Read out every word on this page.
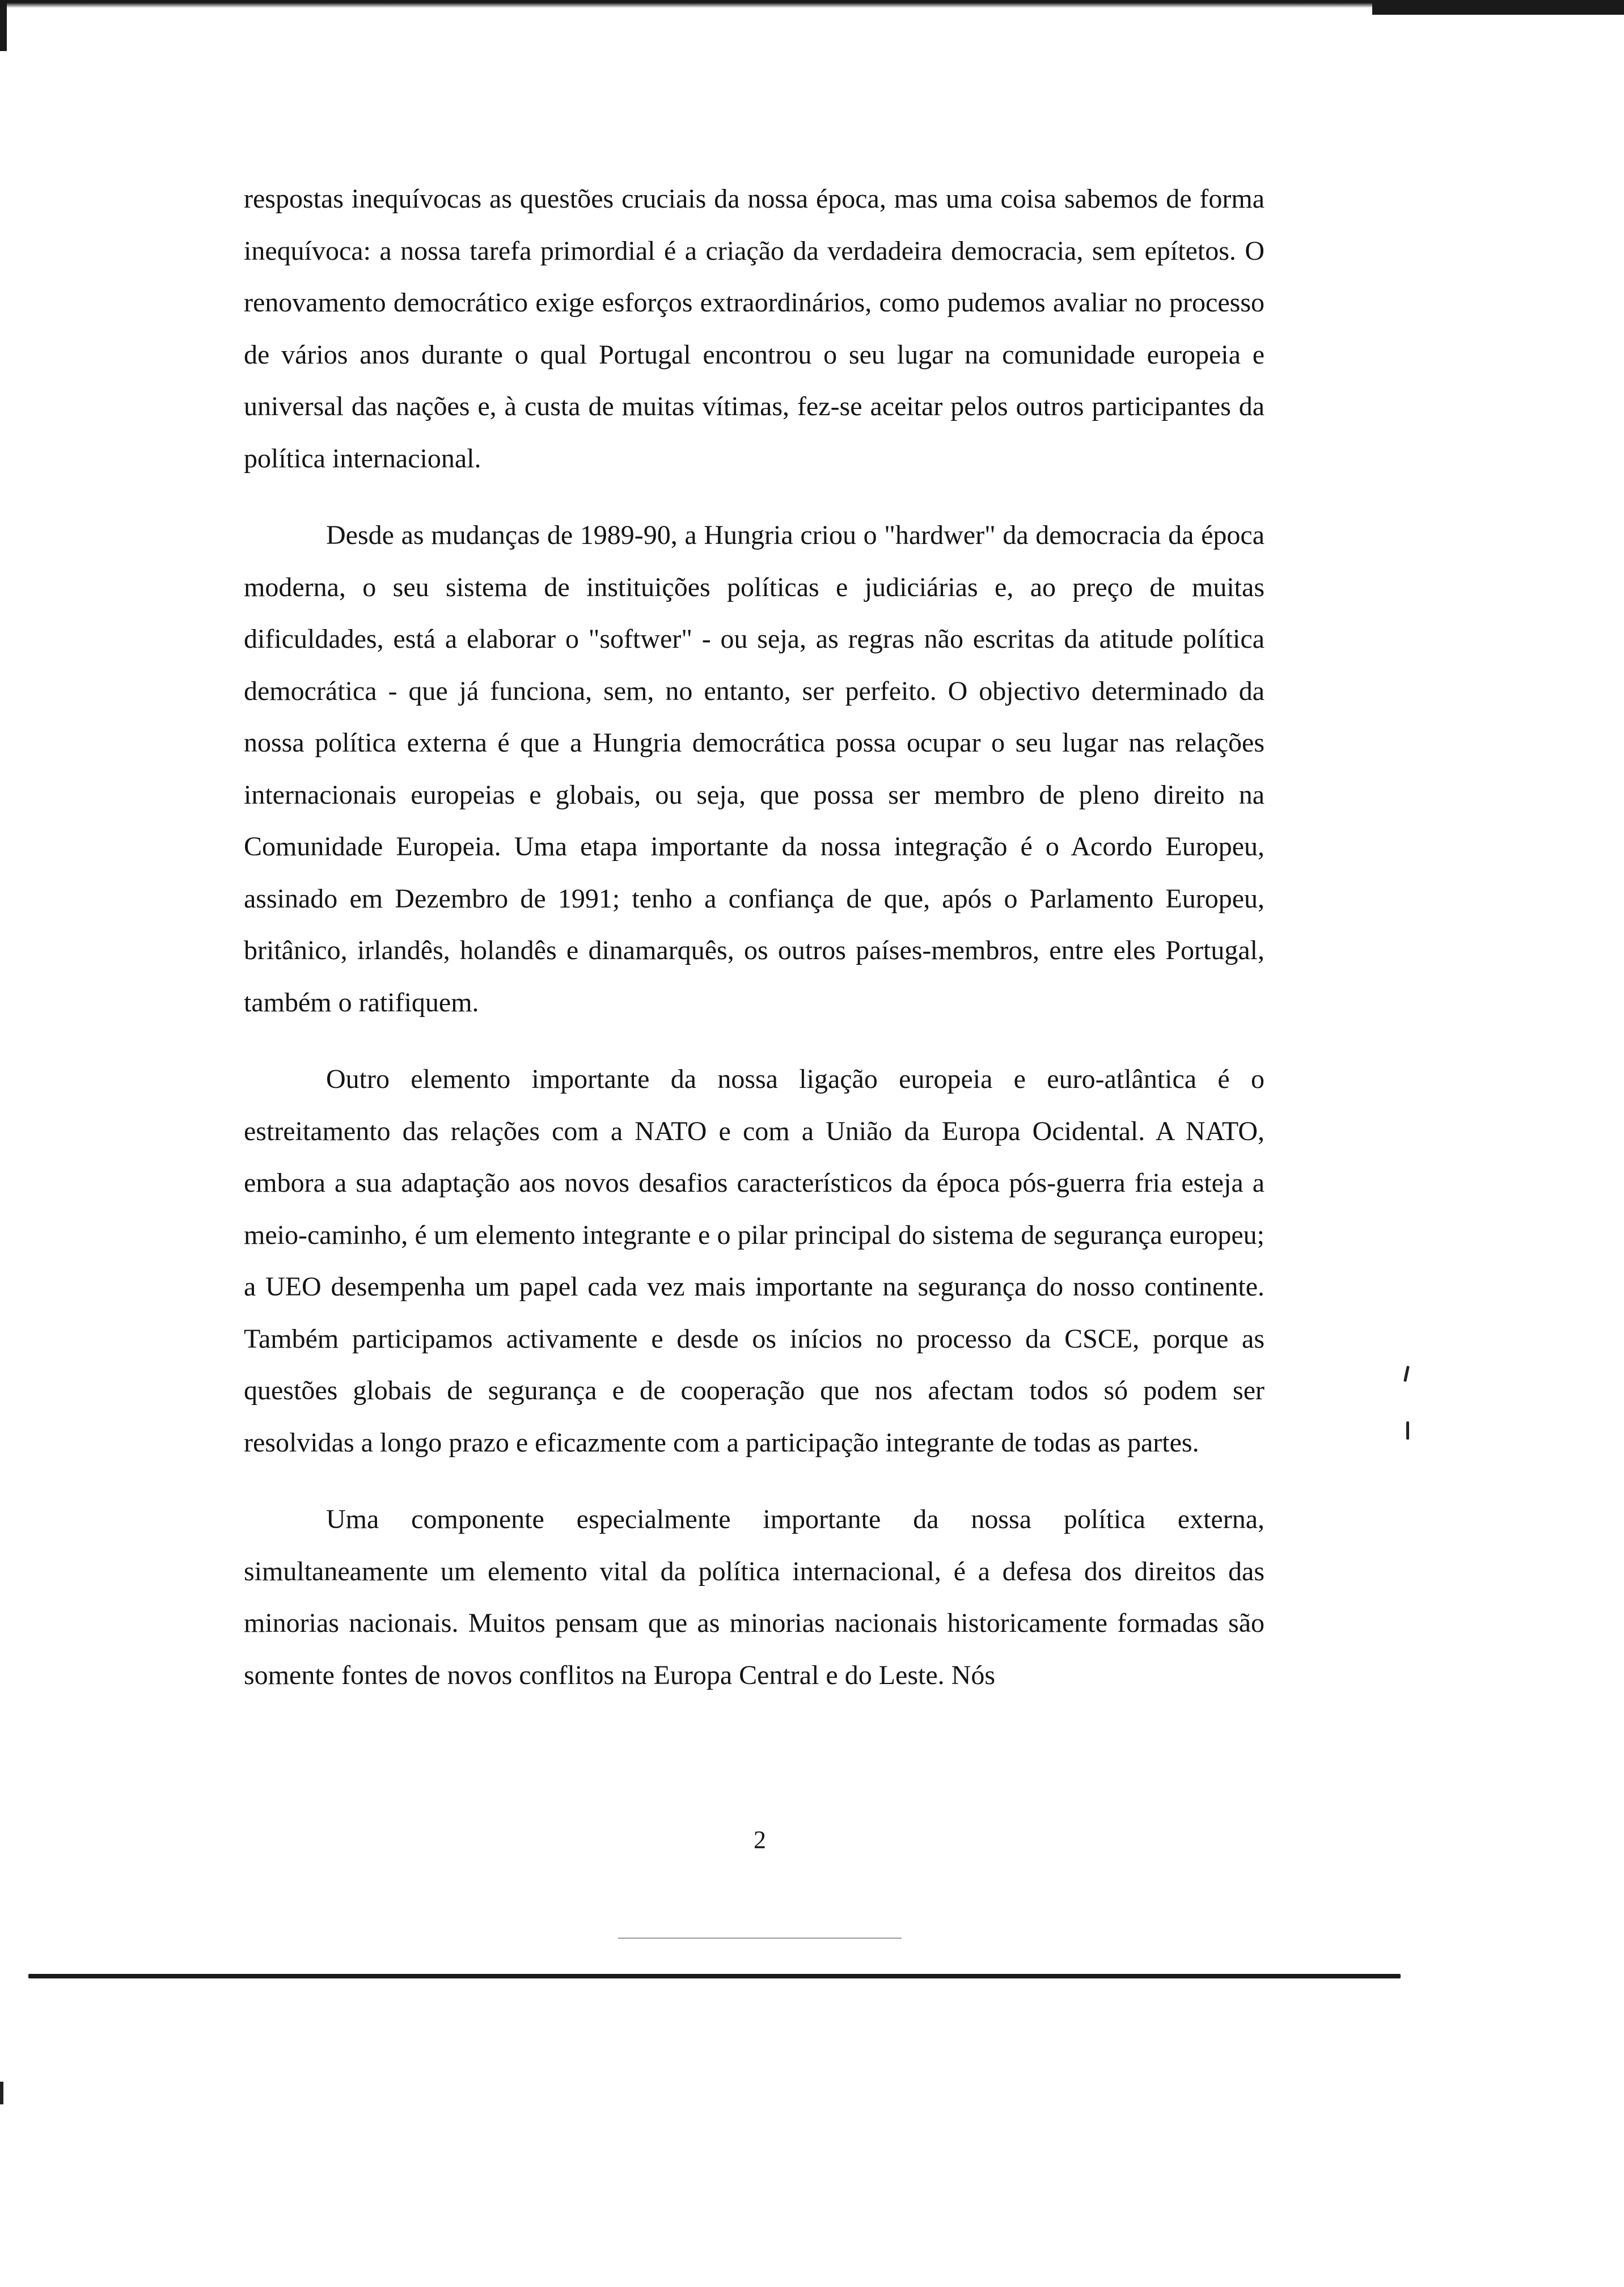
respostas inequívocas as questões cruciais da nossa época, mas uma coisa sabemos de forma inequívoca: a nossa tarefa primordial é a criação da verdadeira democracia, sem epítetos. O renovamento democrático exige esforços extraordinários, como pudemos avaliar no processo de vários anos durante o qual Portugal encontrou o seu lugar na comunidade europeia e universal das nações e, à custa de muitas vítimas, fez-se aceitar pelos outros participantes da política internacional.

Desde as mudanças de 1989-90, a Hungria criou o "hardwer" da democracia da época moderna, o seu sistema de instituições políticas e judiciárias e, ao preço de muitas dificuldades, está a elaborar o "softwer" - ou seja, as regras não escritas da atitude política democrática - que já funciona, sem, no entanto, ser perfeito. O objectivo determinado da nossa política externa é que a Hungria democrática possa ocupar o seu lugar nas relações internacionais europeias e globais, ou seja, que possa ser membro de pleno direito na Comunidade Europeia. Uma etapa importante da nossa integração é o Acordo Europeu, assinado em Dezembro de 1991; tenho a confiança de que, após o Parlamento Europeu, britânico, irlandês, holandês e dinamarquês, os outros países-membros, entre eles Portugal, também o ratifiquem.

Outro elemento importante da nossa ligação europeia e euro-atlântica é o estreitamento das relações com a NATO e com a União da Europa Ocidental. A NATO, embora a sua adaptação aos novos desafios característicos da época pós-guerra fria esteja a meio-caminho, é um elemento integrante e o pilar principal do sistema de segurança europeu; a UEO desempenha um papel cada vez mais importante na segurança do nosso continente. Também participamos activamente e desde os inícios no processo da CSCE, porque as questões globais de segurança e de cooperação que nos afectam todos só podem ser resolvidas a longo prazo e eficazmente com a participação integrante de todas as partes.

Uma componente especialmente importante da nossa política externa, simultaneamente um elemento vital da política internacional, é a defesa dos direitos das minorias nacionais. Muitos pensam que as minorias nacionais historicamente formadas são somente fontes de novos conflitos na Europa Central e do Leste. Nós

2
